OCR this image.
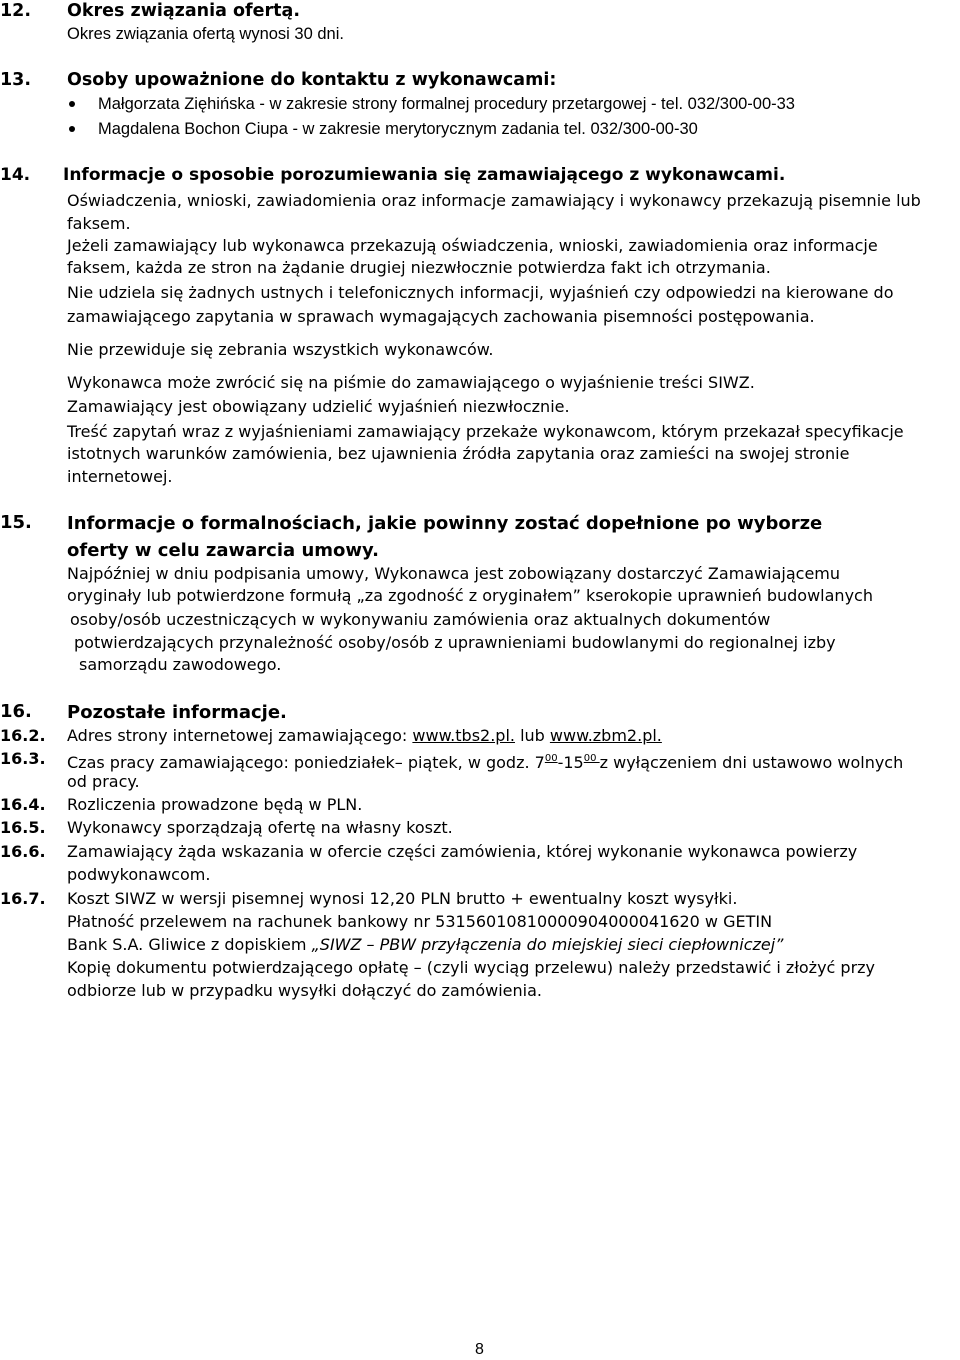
12. Okres związania ofertą.
Okres związania ofertą wynosi 30 dni.
13. Osoby upoważnione do kontaktu z wykonawcami:
Małgorzata Zięhińska - w zakresie strony formalnej procedury przetargowej - tel. 032/300-00-33
Magdalena Bochon Ciupa - w zakresie merytorycznym zadania tel. 032/300-00-30
14. Informacje o sposobie porozumiewania się zamawiającego z wykonawcami.
Oświadczenia, wnioski, zawiadomienia oraz informacje zamawiający i wykonawcy przekazują pisemnie lub
faksem.
Jeżeli zamawiający lub wykonawca przekazują oświadczenia, wnioski, zawiadomienia oraz informacje
faksem, każda ze stron na żądanie drugiej niezwłocznie potwierdza fakt ich otrzymania.
Nie udziela się żadnych ustnych i telefonicznych informacji, wyjaśnień czy odpowiedzi na kierowane do
zamawiającego zapytania w sprawach wymagających zachowania pisemności postępowania.
Nie przewiduje się zebrania wszystkich wykonawców.
Wykonawca może zwrócić się na piśmie do zamawiającego o wyjaśnienie treści SIWZ.
Zamawiający jest obowiązany udzielić wyjaśnień niezwłocznie.
Treść zapytań wraz z wyjaśnieniami zamawiający przekaże wykonawcom, którym przekazał specyfikacje
istotnych warunków zamówienia, bez ujawnienia źródła zapytania oraz zamieści na swojej stronie
internetowej.
15. Informacje o formalnościach, jakie powinny zostać dopełnione po wyborze
oferty w celu zawarcia umowy.
Najpóźniej w dniu podpisania umowy, Wykonawca jest zobowiązany dostarczyć Zamawiającemu
oryginały lub potwierdzone formułą „za zgodność z oryginałem” kserokopie uprawnień budowlanych
osoby/osób uczestniczących w wykonywaniu zamówienia oraz aktualnych dokumentów
potwierdzających przynależność osoby/osób z uprawnieniami budowlanymi do regionalnej izby
samorządu zawodowego.
16. Pozostałe informacje.
16.2. Adres strony internetowej zamawiającego: www.tbs2.pl. lub www.zbm2.pl.
16.3. Czas pracy zamawiającego: poniedziałek– piątek, w godz. $7^{00}-15^{00}$ z wyłączeniem dni ustawowo wolnych
od pracy.
16.4. Rozliczenia prowadzone będą w PLN.
16.5. Wykonawcy sporządzają ofertę na własny koszt.
16.6. Zamawiający żąda wskazania w ofercie części zamówienia, której wykonanie wykonawca powierzy
podwykonawcom.
16.7. Koszt SIWZ w wersji pisemnej wynosi 12,20 PLN brutto + ewentualny koszt wysyłki.
Płatność przelewem na rachunek bankowy nr 53156010810000904000041620 w GETIN
Bank S.A. Gliwice z dopiskiem „SIWZ – PBW przyłączenia do miejskiej sieci ciepłowniczej”
Kopię dokumentu potwierdzającego opłatę – (czyli wyciąg przelewu) należy przedstawić i złożyć przy
odbiorze lub w przypadku wysyłki dołączyć do zamówienia.
8
